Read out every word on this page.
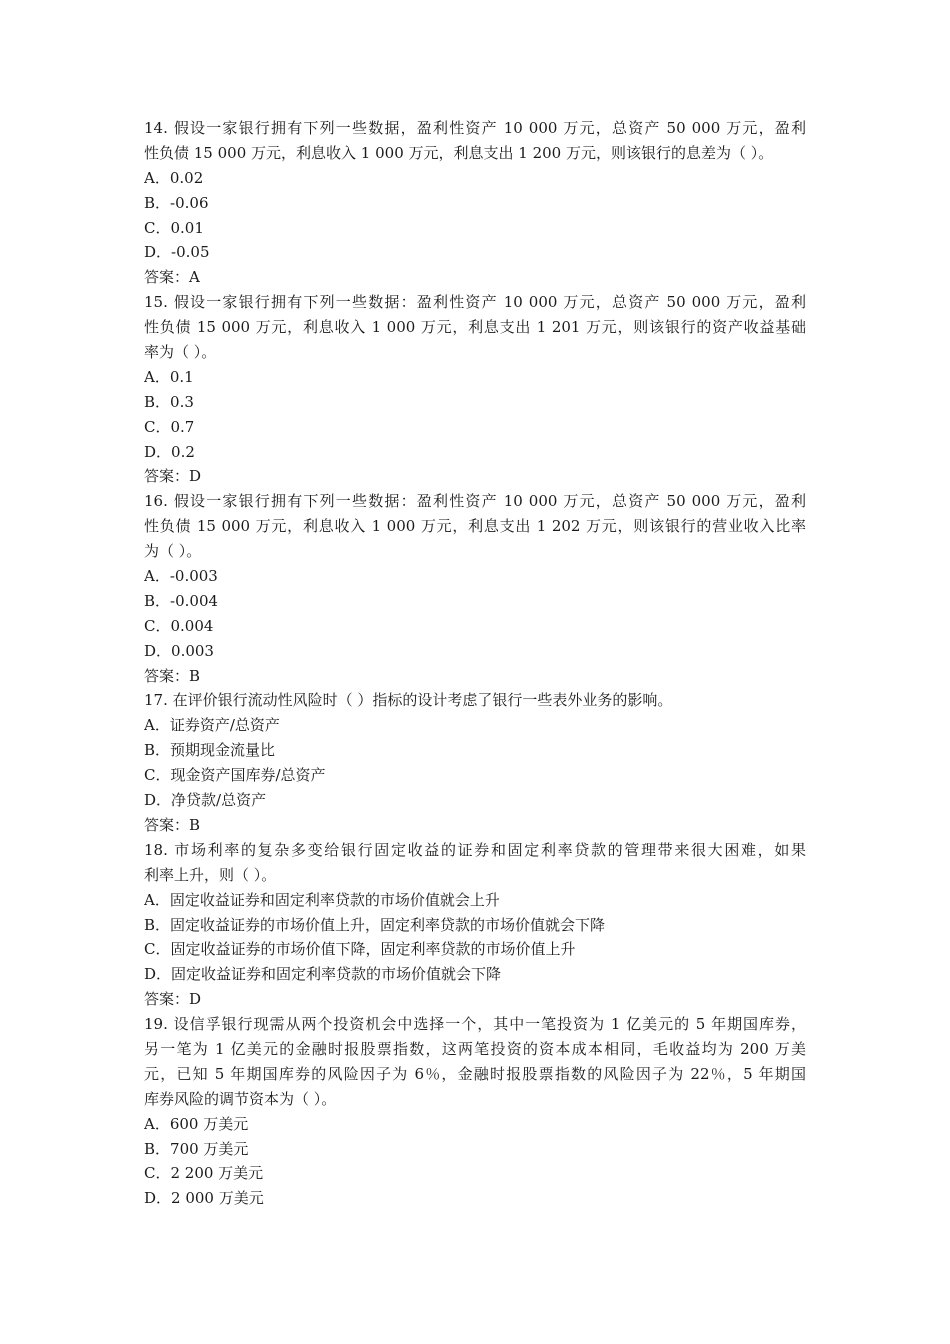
14. 假设一家银行拥有下列一些数据，盈利性资产 10 000 万元，总资产 50 000 万元，盈利
性负债 15 000 万元，利息收入 1 000 万元，利息支出 1 200 万元，则该银行的息差为（ ）。
A．0.02
B．-0.06
C．0.01
D．-0.05
答案：A
15. 假设一家银行拥有下列一些数据：盈利性资产 10 000 万元，总资产 50 000 万元，盈利
性负债 15 000 万元，利息收入 1 000 万元，利息支出 1 201 万元，则该银行的资产收益基础
率为（ ）。
A．0.1
B．0.3
C．0.7
D．0.2
答案：D
16. 假设一家银行拥有下列一些数据：盈利性资产 10 000 万元，总资产 50 000 万元，盈利
性负债 15 000 万元，利息收入 1 000 万元，利息支出 1 202 万元，则该银行的营业收入比率
为（ ）。
A．-0.003
B．-0.004
C．0.004
D．0.003
答案：B
17. 在评价银行流动性风险时（ ）指标的设计考虑了银行一些表外业务的影响。
A．证券资产/总资产
B．预期现金流量比
C．现金资产国库券/总资产
D．净贷款/总资产
答案：B
18. 市场利率的复杂多变给银行固定收益的证券和固定利率贷款的管理带来很大困难，如果
利率上升，则（ ）。
A．固定收益证券和固定利率贷款的市场价值就会上升
B．固定收益证券的市场价值上升，固定利率贷款的市场价值就会下降
C．固定收益证券的市场价值下降，固定利率贷款的市场价值上升
D．固定收益证券和固定利率贷款的市场价值就会下降
答案：D
19. 设信孚银行现需从两个投资机会中选择一个，其中一笔投资为 1 亿美元的 5 年期国库券，
另一笔为 1 亿美元的金融时报股票指数，这两笔投资的资本成本相同，毛收益均为 200 万美
元，已知 5 年期国库券的风险因子为 6％，金融时报股票指数的风险因子为 22％，5 年期国
库券风险的调节资本为（ ）。
A．600 万美元
B．700 万美元
C．2 200 万美元
D．2 000 万美元
